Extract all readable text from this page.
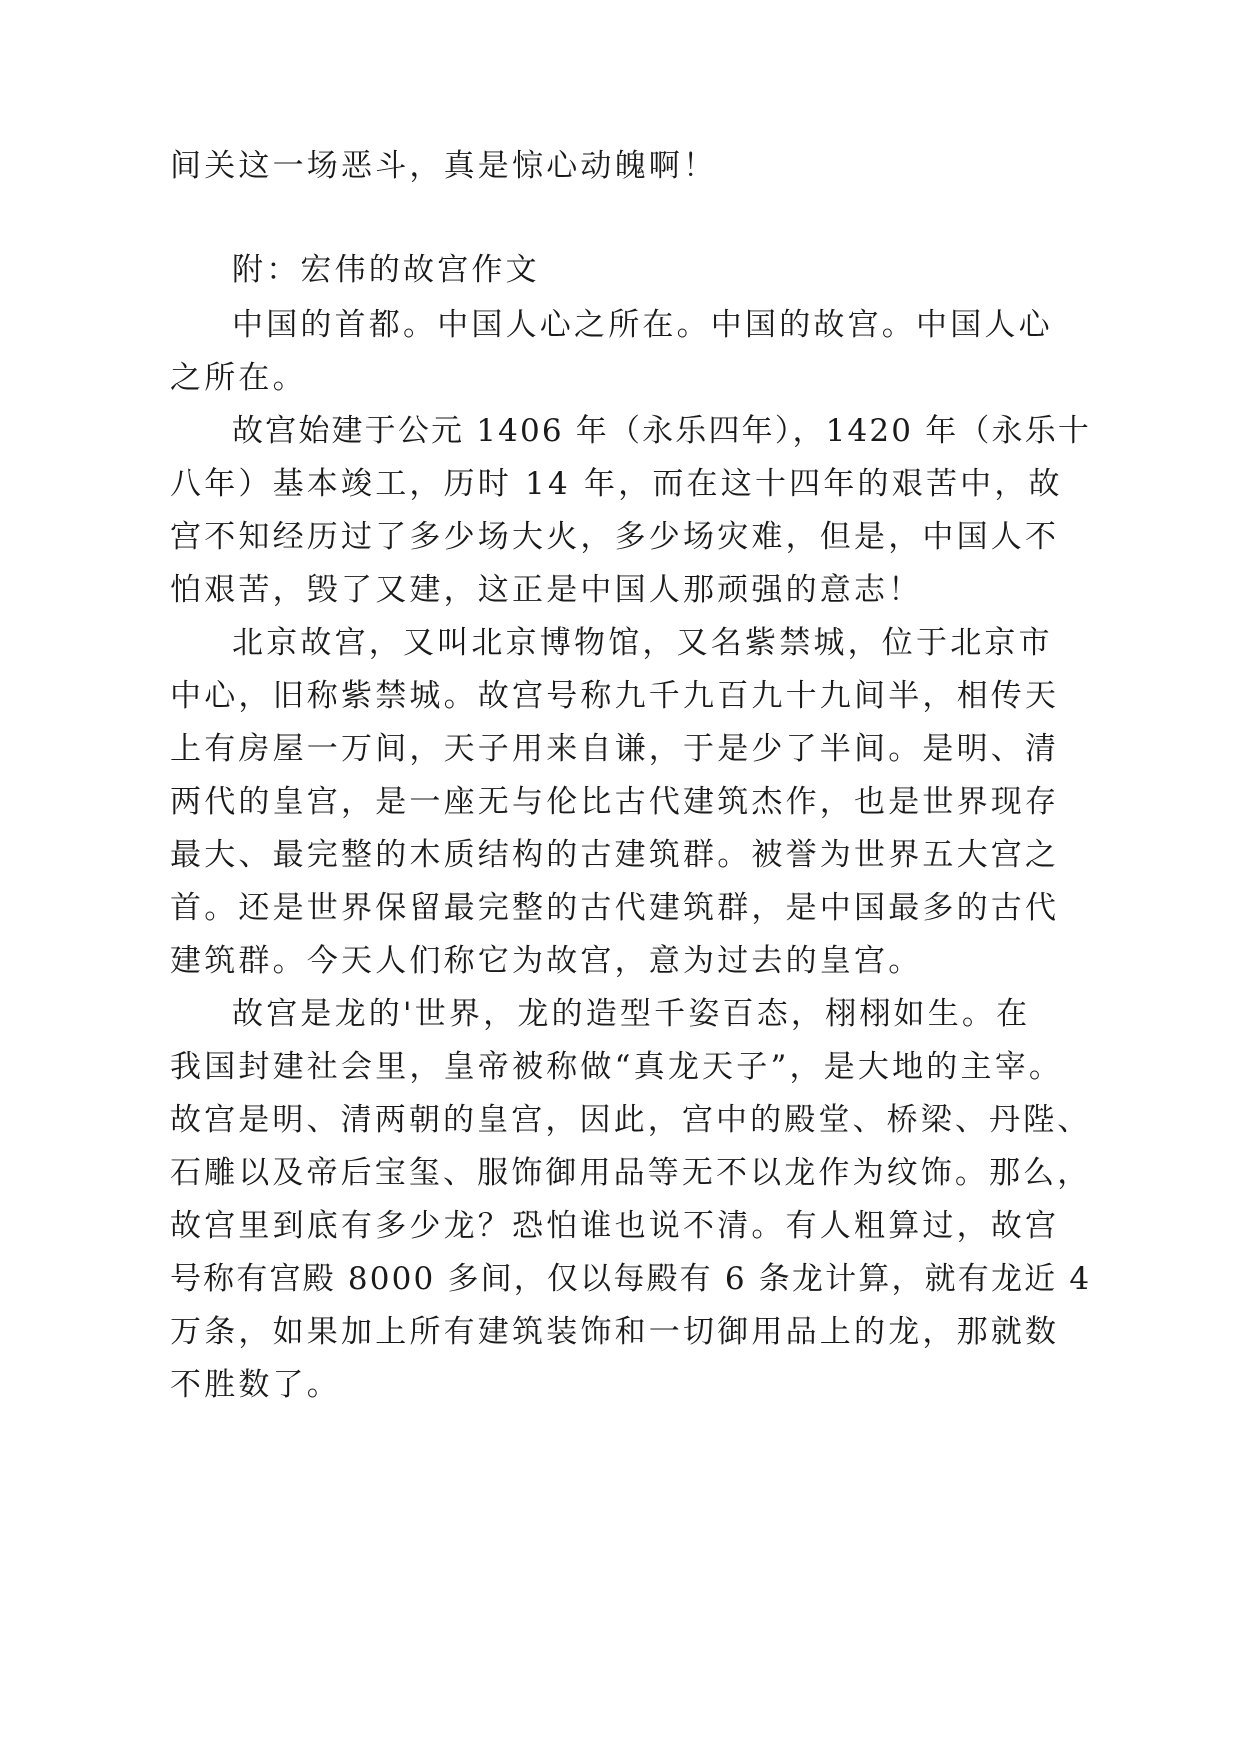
间关这一场恶斗，真是惊心动魄啊！
附：宏伟的故宫作文
中国的首都。中国人心之所在。中国的故宫。中国人心
之所在。
故宫始建于公元 1406 年（永乐四年），1420 年（永乐十
八年）基本竣工，历时 14 年，而在这十四年的艰苦中，故
宫不知经历过了多少场大火，多少场灾难，但是，中国人不
怕艰苦，毁了又建，这正是中国人那顽强的意志！
北京故宫，又叫北京博物馆，又名紫禁城，位于北京市
中心，旧称紫禁城。故宫号称九千九百九十九间半，相传天
上有房屋一万间，天子用来自谦，于是少了半间。是明、清
两代的皇宫，是一座无与伦比古代建筑杰作，也是世界现存
最大、最完整的木质结构的古建筑群。被誉为世界五大宫之
首。还是世界保留最完整的古代建筑群，是中国最多的古代
建筑群。今天人们称它为故宫，意为过去的皇宫。
故宫是龙的'世界，龙的造型千姿百态，栩栩如生。在
我国封建社会里，皇帝被称做“真龙天子”，是大地的主宰。
故宫是明、清两朝的皇宫，因此，宫中的殿堂、桥梁、丹陛、
石雕以及帝后宝玺、服饰御用品等无不以龙作为纹饰。那么，
故宫里到底有多少龙？恐怕谁也说不清。有人粗算过，故宫
号称有宫殿 8000 多间，仅以每殿有 6 条龙计算，就有龙近 4
万条，如果加上所有建筑装饰和一切御用品上的龙，那就数
不胜数了。
